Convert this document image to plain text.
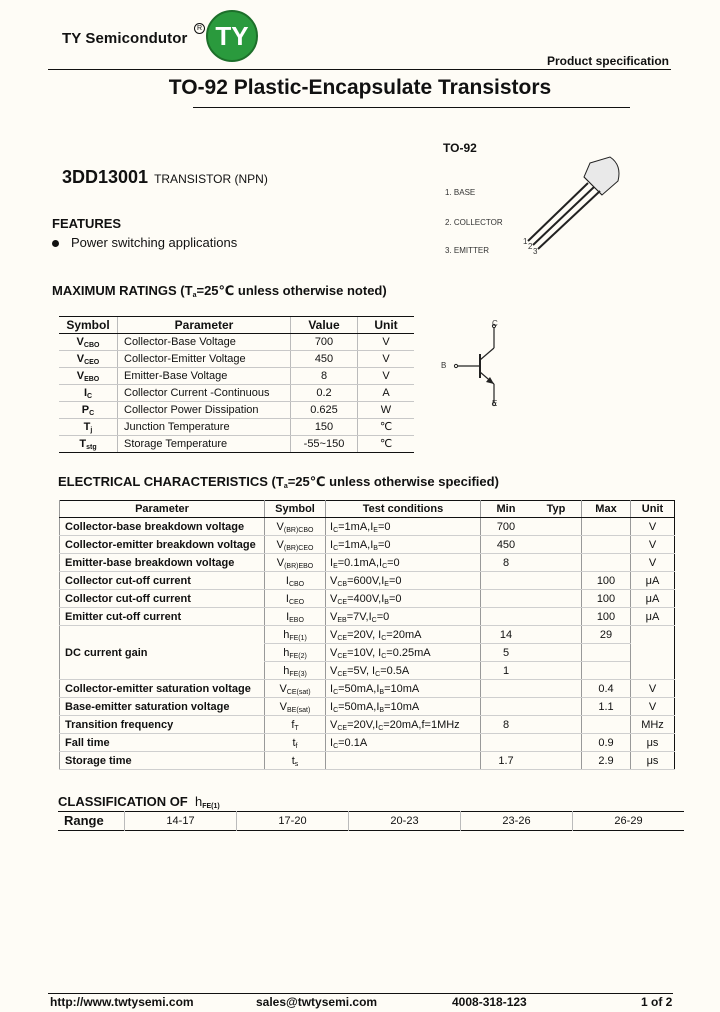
TY Semicondutor
R TY
Product specification
TO-92 Plastic-Encapsulate Transistors
3DD13001 TRANSISTOR (NPN)
TO-92
1. BASE
2. COLLECTOR
3. EMITTER
1
2
3
FEATURES
Power switching applications
MAXIMUM RATINGS ($T_a=25℃$ unless otherwise noted)
Symbol	Parameter	Value	Unit
$V_{CBO}$	Collector-Base Voltage	700	V
$V_{CEO}$	Collector-Emitter Voltage	450	V
$V_{EBO}$	Emitter-Base Voltage	8	V
$I_C$	Collector Current -Continuous	0.2	A
$P_C$	Collector Power Dissipation	0.625	W
$T_j$	Junction Temperature	150	℃
$T_{stg}$	Storage Temperature	-55~150	℃
C
B
E
ELECTRICAL CHARACTERISTICS ($T_a=25℃$ unless otherwise specified)
Parameter	Symbol	Test conditions	Min	Typ	Max	Unit
Collector-base breakdown voltage	$V_{(BR)CBO}$	$I_C=1mA,I_E=0$	700			V
Collector-emitter breakdown voltage	$V_{(BR)CEO}$	$I_C=1mA,I_B=0$	450			V
Emitter-base breakdown voltage	$V_{(BR)EBO}$	$I_E=0.1mA,I_C=0$	8			V
Collector cut-off current	$I_{CBO}$	$V_{CB}=600V,I_E=0$			100	μA
Collector cut-off current	$I_{CEO}$	$V_{CE}=400V,I_B=0$			100	μA
Emitter cut-off current	$I_{EBO}$	$V_{EB}=7V,I_C=0$			100	μA
DC current gain	$h_{FE(1)}$	$V_{CE}=20V$, $I_C=20mA$	14		29	
	$h_{FE(2)}$	$V_{CE}=10V$, $I_C=0.25mA$	5			
	$h_{FE(3)}$	$V_{CE}=5V$, $I_C=0.5A$	1			
Collector-emitter saturation voltage	$V_{CE(sat)}$	$I_C=50mA,I_B=10mA$			0.4	V
Base-emitter saturation voltage	$V_{BE(sat)}$	$I_C=50mA,I_B=10mA$			1.1	V
Transition frequency	$f_T$	$V_{CE}=20V,I_C=20mA,f=1MHz$	8			MHz
Fall time	$t_f$	$I_C=0.1A$			0.9	μs
Storage time	$t_s$		1.7		2.9	μs
CLASSIFICATION OF $h_{FE(1)}$
Range	14-17	17-20	20-23	23-26	26-29
http://www.twtysemi.com	sales@twtysemi.com	4008-318-123	1 of 2
